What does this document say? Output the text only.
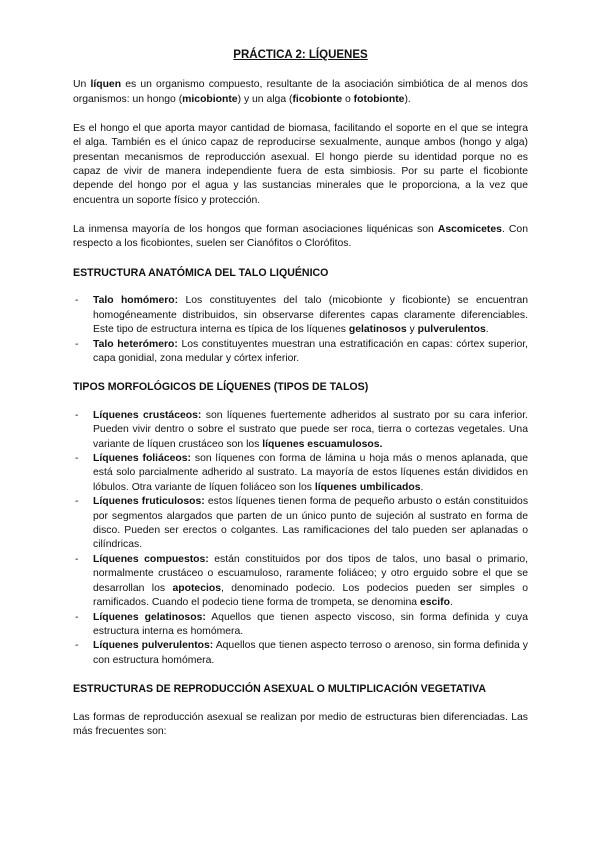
PRÁCTICA 2: LÍQUENES

Un líquen es un organismo compuesto, resultante de la asociación simbiótica de al menos dos organismos: un hongo (micobionte) y un alga (ficobionte o fotobionte).

Es el hongo el que aporta mayor cantidad de biomasa, facilitando el soporte en el que se integra el alga. También es el único capaz de reproducirse sexualmente, aunque ambos (hongo y alga) presentan mecanismos de reproducción asexual. El hongo pierde su identidad porque no es capaz de vivir de manera independiente fuera de esta simbiosis. Por su parte el ficobionte depende del hongo por el agua y las sustancias minerales que le proporciona, a la vez que encuentra un soporte físico y protección.

La inmensa mayoría de los hongos que forman asociaciones liquénicas son Ascomicetes. Con respecto a los ficobiontes, suelen ser Cianófitos o Clorófitos.

ESTRUCTURA ANATÓMICA DEL TALO LIQUÉNICO
- Talo homómero: Los constituyentes del talo (micobionte y ficobionte) se encuentran homogéneamente distribuidos, sin observarse diferentes capas claramente diferenciables. Este tipo de estructura interna es típica de los líquenes gelatinosos y pulverulentos.
- Talo heterómero: Los constituyentes muestran una estratificación en capas: córtex superior, capa gonidial, zona medular y córtex inferior.
TIPOS MORFOLÓGICOS DE LÍQUENES (TIPOS DE TALOS)
- Líquenes crustáceos: son líquenes fuertemente adheridos al sustrato por su cara inferior. Pueden vivir dentro o sobre el sustrato que puede ser roca, tierra o cortezas vegetales. Una variante de líquen crustáceo son los líquenes escuamulosos.
- Líquenes foliáceos: son líquenes con forma de lámina u hoja más o menos aplanada, que está solo parcialmente adherido al sustrato. La mayoría de estos líquenes están divididos en lóbulos. Otra variante de líquen foliáceo son los líquenes umbilicados.
- Líquenes fruticulosos: estos líquenes tienen forma de pequeño arbusto o están constituidos por segmentos alargados que parten de un único punto de sujeción al sustrato en forma de disco. Pueden ser erectos o colgantes. Las ramificaciones del talo pueden ser aplanadas o cilíndricas.
- Líquenes compuestos: están constituidos por dos tipos de talos, uno basal o primario, normalmente crustáceo o escuamuloso, raramente foliáceo; y otro erguido sobre el que se desarrollan los apotecios, denominado podecio. Los podecios pueden ser simples o ramificados. Cuando el podecio tiene forma de trompeta, se denomina escifo.
- Líquenes gelatinosos: Aquellos que tienen aspecto viscoso, sin forma definida y cuya estructura interna es homómera.
- Líquenes pulverulentos: Aquellos que tienen aspecto terroso o arenoso, sin forma definida y con estructura homómera.
ESTRUCTURAS DE REPRODUCCIÓN ASEXUAL O MULTIPLICACIÓN VEGETATIVA

Las formas de reproducción asexual se realizan por medio de estructuras bien diferenciadas. Las más frecuentes son:
